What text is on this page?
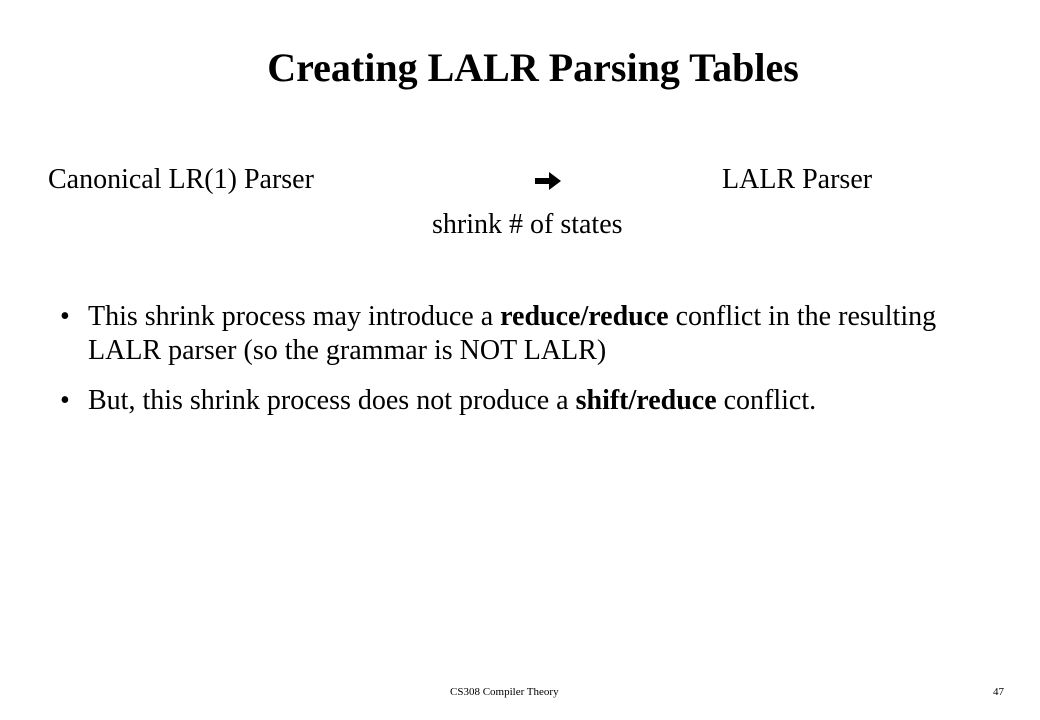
Creating LALR Parsing Tables
Canonical LR(1) Parser	LALR Parser
shrink # of states
• This shrink process may introduce a reduce/reduce conflict in the resulting LALR parser (so the grammar is NOT LALR)
• But, this shrink process does not produce a shift/reduce conflict.
CS308 Compiler Theory	47
